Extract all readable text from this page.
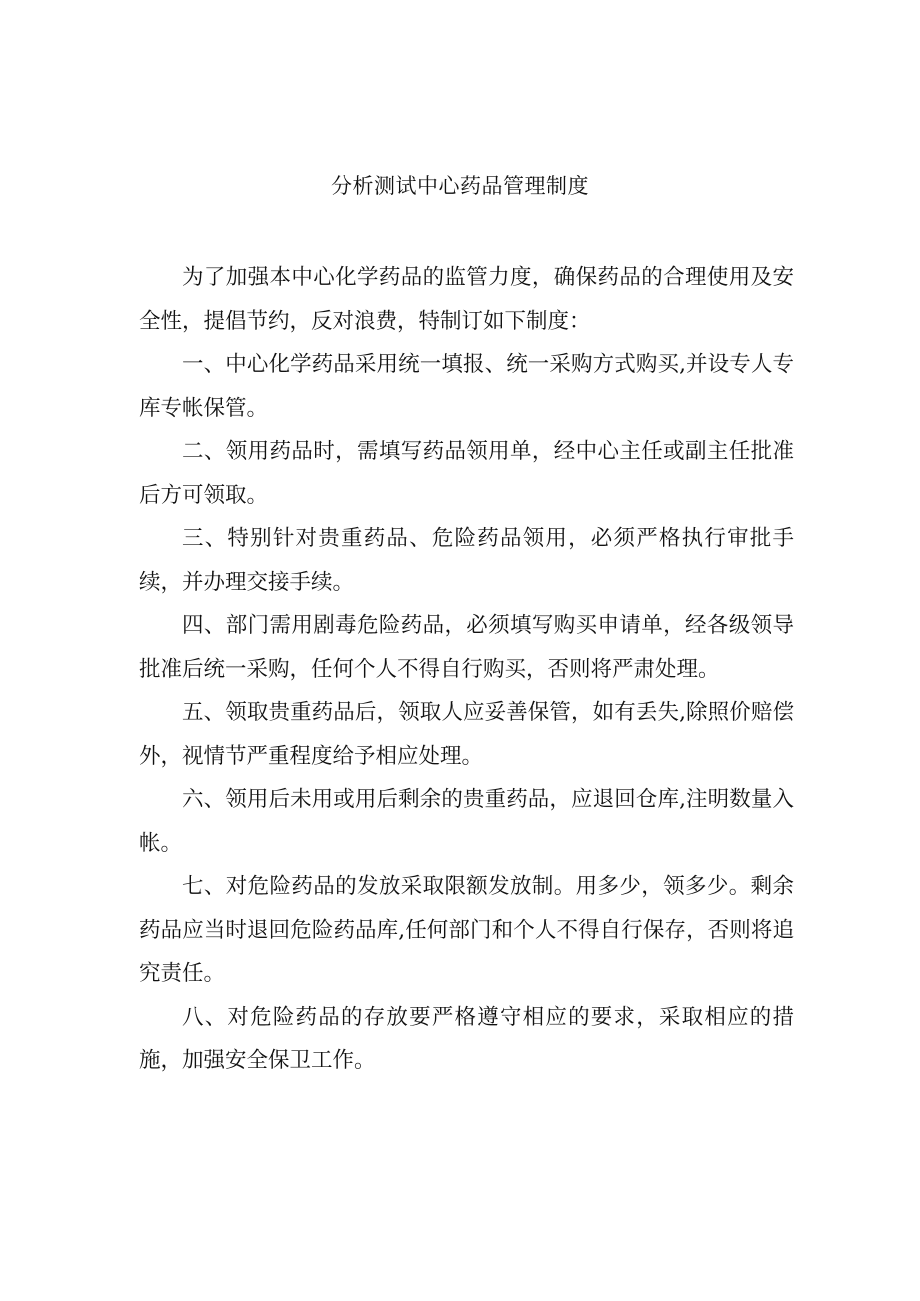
分析测试中心药品管理制度

为了加强本中心化学药品的监管力度，确保药品的合理使用及安全性，提倡节约，反对浪费，特制订如下制度：

一、中心化学药品采用统一填报、统一采购方式购买,并设专人专库专帐保管。

二、领用药品时，需填写药品领用单，经中心主任或副主任批准后方可领取。

三、特别针对贵重药品、危险药品领用，必须严格执行审批手续，并办理交接手续。

四、部门需用剧毒危险药品，必须填写购买申请单，经各级领导批准后统一采购，任何个人不得自行购买，否则将严肃处理。

五、领取贵重药品后，领取人应妥善保管，如有丢失,除照价赔偿外，视情节严重程度给予相应处理。

六、领用后未用或用后剩余的贵重药品，应退回仓库,注明数量入帐。

七、对危险药品的发放采取限额发放制。用多少，领多少。剩余药品应当时退回危险药品库,任何部门和个人不得自行保存，否则将追究责任。

八、对危险药品的存放要严格遵守相应的要求，采取相应的措施，加强安全保卫工作。
